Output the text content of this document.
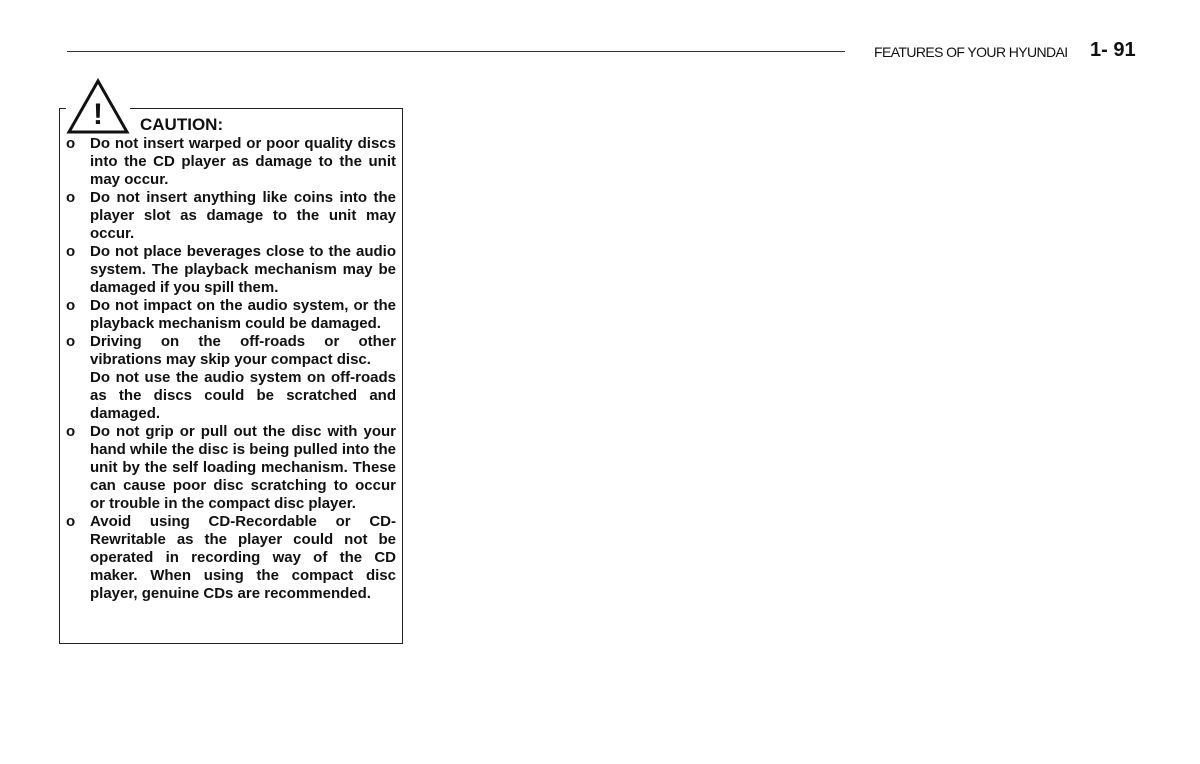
FEATURES OF YOUR HYUNDAI 1- 91
! CAUTION:
o Do not insert warped or poor quality discs into the CD player as damage to the unit may occur.

o Do not insert anything like coins into the player slot as damage to the unit may occur.

o Do not place beverages close to the audio system. The playback mechanism may be damaged if you spill them.

o Do not impact on the audio system, or the playback mechanism could be damaged.

o Driving on the off-roads or other vibrations may skip your compact disc.

Do not use the audio system on off-roads as the discs could be scratched and damaged.

o Do not grip or pull out the disc with your hand while the disc is being pulled into the unit by the self loading mechanism. These can cause poor disc scratching to occur or trouble in the compact disc player.

o Avoid using CD-Recordable or CD-Rewritable as the player could not be operated in recording way of the CD maker. When using the compact disc player, genuine CDs are recommended.
